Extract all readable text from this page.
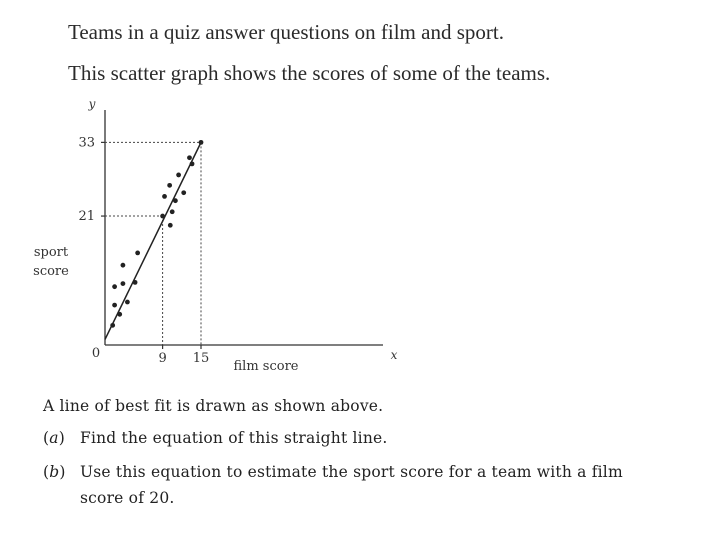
Teams in a quiz answer questions on film and sport.
This scatter graph shows the scores of some of the teams.
21
33
9 15
0
y
x
film score
sport
score
A line of best fit is drawn as shown above.
(a) Find the equation of this straight line.
(b) Use this equation to estimate the sport score for a team with a film
score of 20.
